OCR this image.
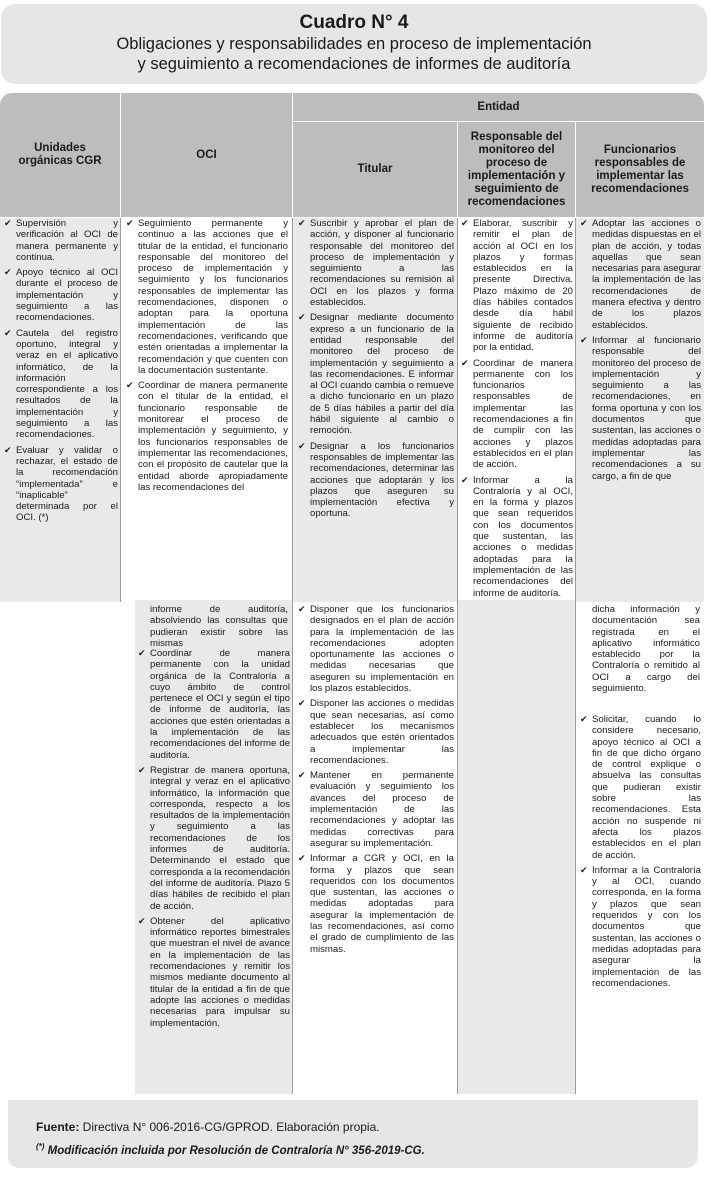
Cuadro N° 4
Obligaciones y responsabilidades en proceso de implementación
y seguimiento a recomendaciones de informes de auditoría
Unidades orgánicas CGR
OCI
Entidad
Titular
Responsable del monitoreo del proceso de implementación y seguimiento de recomendaciones
Funcionarios responsables de implementar las recomendaciones
✔ Supervisión y verificación al OCI de manera permanente y continua.
✔ Apoyo técnico al OCI durante el proceso de implementación y seguimiento a las recomendaciones.
✔ Cautela del registro oportuno, integral y veraz en el aplicativo informático, de la información correspondiente a los resultados de la implementación y seguimiento a las recomendaciones.
✔ Evaluar y validar o rechazar, el estado de la recomendación “implementada” e “inaplicable” determinada por el OCI. (*)
✔ Seguimiento permanente y continuo a las acciones que el titular de la entidad, el funcionario responsable del monitoreo del proceso de implementación y seguimiento y los funcionarios responsables de implementar las recomendaciones, disponen o adoptan para la oportuna implementación de las recomendaciones, verificando que estén orientadas a implementar la recomendación y que cuenten con la documentación sustentante.
✔ Coordinar de manera permanente con el titular de la entidad, el funcionario responsable de monitorear el proceso de implementación y seguimiento, y los funcionarios responsables de implementar las recomendaciones, con el propósito de cautelar que la entidad aborde apropiadamente las recomendaciones del
informe de auditoría, absolviendo las consultas que pudieran existir sobre las mismas
✔ Coordinar de manera permanente con la unidad orgánica de la Contraloría a cuyo ámbito de control pertenece el OCI y según el tipo de informe de auditoría, las acciones que estén orientadas a la implementación de las recomendaciones del informe de auditoría.
✔ Registrar de manera oportuna, integral y veraz en el aplicativo informático, la información que corresponda, respecto a los resultados de la implementación y seguimiento a las recomendaciones de los informes de auditoría. Determinando el estado que corresponda a la recomendación del informe de auditoría. Plazo 5 días hábiles de recibido el plan de acción.
✔ Obtener del aplicativo informático reportes bimestrales que muestran el nivel de avance en la implementación de las recomendaciones y remitir los mismos mediante documento al titular de la entidad a fin de que adopte las acciones o medidas necesarias para impulsar su implementación.
✔ Suscribir y aprobar el plan de acción, y disponer al funcionario responsable del monitoreo del proceso de implementación y seguimiento a las recomendaciones su remisión al OCI en los plazos y forma establecidos.
✔ Designar mediante documento expreso a un funcionario de la entidad responsable del monitoreo del proceso de implementación y seguimiento a las recomendaciones. E informar al OCI cuando cambia o remueve a dicho funcionario en un plazo de 5 días hábiles a partir del día hábil siguiente al cambio o remoción.
✔ Designar a los funcionarios responsables de implementar las recomendaciones, determinar las acciones que adoptarán y los plazos que aseguren su implementación efectiva y oportuna.
✔ Disponer que los funcionarios designados en el plan de acción para la implementación de las recomendaciones adopten oportunamente las acciones o medidas necesarias que aseguren su implementación en los plazos establecidos.
✔ Disponer las acciones o medidas que sean necesarias, así como establecer los mecanismos adecuados que estén orientados a implementar las recomendaciones.
✔ Mantener en permanente evaluación y seguimiento los avances del proceso de implementación de las recomendaciones y adoptar las medidas correctivas para asegurar su implementación.
✔ Informar a CGR y OCI, en la forma y plazos que sean requeridos con los documentos que sustentan, las acciones o medidas adoptadas para asegurar la implementación de las recomendaciones, así como el grado de cumplimiento de las mismas.
✔ Elaborar, suscribir y remitir el plan de acción al OCI en los plazos y formas establecidos en la presente Directiva. Plazo máximo de 20 días hábiles contados desde día hábil siguiente de recibido informe de auditoría por la entidad.
✔ Coordinar de manera permanente con los funcionarios responsables de implementar las recomendaciones a fin de cumplir con las acciones y plazos establecidos en el plan de acción.
✔ Informar a la Contraloría y al OCI, en la forma y plazos que sean requeridos con los documentos que sustentan, las acciones o medidas adoptadas para la implementación de las recomendaciones del informe de auditoría.
✔ Adoptar las acciones o medidas dispuestas en el plan de acción, y todas aquellas que sean necesarias para asegurar la implementación de las recomendaciones de manera efectiva y dentro de los plazos establecidos.
✔ Informar al funcionario responsable del monitoreo del proceso de implementación y seguimiento a las recomendaciones, en forma oportuna y con los documentos que sustentan, las acciones o medidas adoptadas para implementar las recomendaciones a su cargo, a fin de que
dicha información y documentación sea registrada en el aplicativo informático establecido por la Contraloría o remitido al OCI a cargo del seguimiento.
✔ Solicitar, cuando lo considere necesario, apoyo técnico al OCI a fin de que dicho órgano de control explique o absuelva las consultas que pudieran existir sobre las recomendaciones. Esta acción no suspende ni afecta los plazos establecidos en el plan de acción.
✔ Informar a la Contraloría y al OCI, cuando corresponda, en la forma y plazos que sean requeridos y con los documentos que sustentan, las acciones o medidas adoptadas para asegurar la implementación de las recomendaciones.
Fuente: Directiva N° 006-2016-CG/GPROD. Elaboración propia.
(*) Modificación incluida por Resolución de Contraloría N° 356-2019-CG.
